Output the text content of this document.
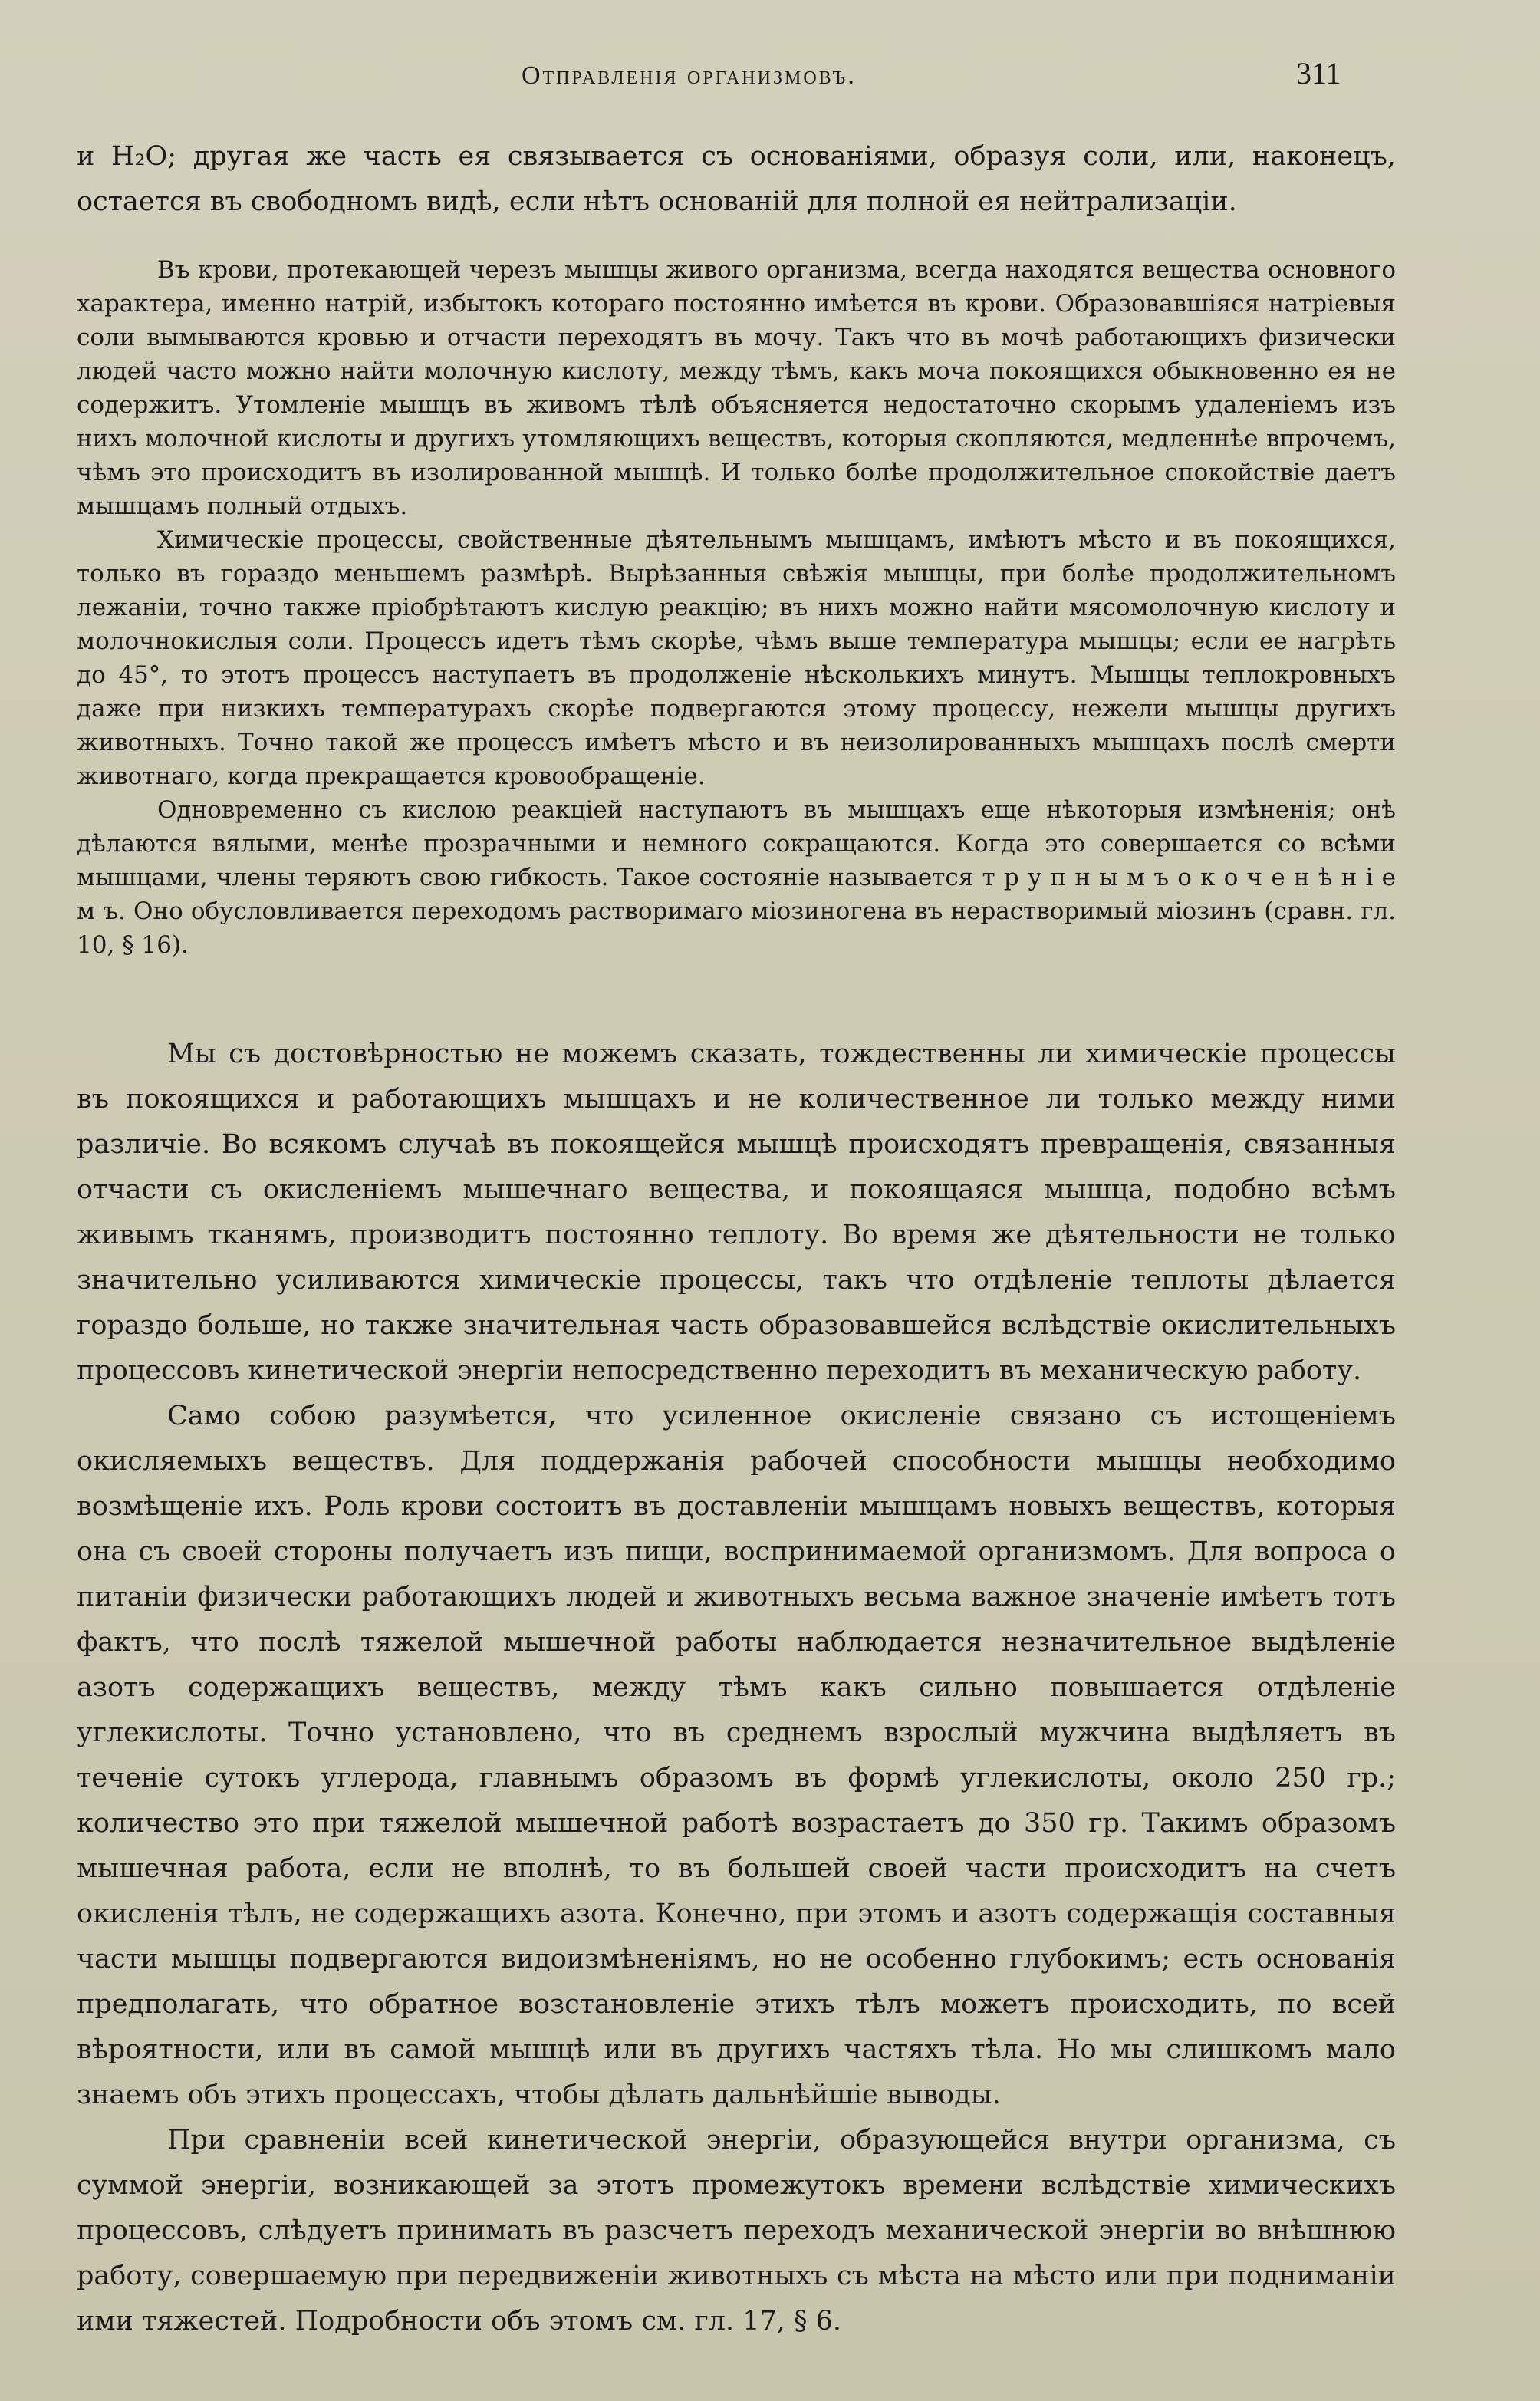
Отправленія организмовъ.	311

и H₂O; другая же часть ея связывается съ основаніями, образуя соли, или, наконецъ, остается въ свободномъ видѣ, если нѣтъ основаній для полной ея нейтрализаціи.

Въ крови, протекающей черезъ мышцы живого организма, всегда находятся вещества основного характера, именно натрій, избытокъ котораго постоянно имѣется въ крови. Образовавшіяся натріевыя соли вымываются кровью и отчасти переходятъ въ мочу. Такъ что въ мочѣ работающихъ физически людей часто можно найти молочную кислоту, между тѣмъ, какъ моча покоящихся обыкновенно ея не содержитъ. Утомленіе мышцъ въ живомъ тѣлѣ объясняется недостаточно скорымъ удаленіемъ изъ нихъ молочной кислоты и другихъ утомляющихъ веществъ, которыя скопляются, медленнѣе впрочемъ, чѣмъ это происходитъ въ изолированной мышцѣ. И только болѣе продолжительное спокойствіе даетъ мышцамъ полный отдыхъ.

Химическіе процессы, свойственные дѣятельнымъ мышцамъ, имѣютъ мѣсто и въ покоящихся, только въ гораздо меньшемъ размѣрѣ. Вырѣзанныя свѣжія мышцы, при болѣе продолжительномъ лежаніи, точно также пріобрѣтаютъ кислую реакцію; въ нихъ можно найти мясомолочную кислоту и молочнокислыя соли. Процессъ идетъ тѣмъ скорѣе, чѣмъ выше температура мышцы; если ее нагрѣть до 45°, то этотъ процессъ наступаетъ въ продолженіе нѣсколькихъ минутъ. Мышцы теплокровныхъ даже при низкихъ температурахъ скорѣе подвергаются этому процессу, нежели мышцы другихъ животныхъ. Точно такой же процессъ имѣетъ мѣсто и въ неизолированныхъ мышцахъ послѣ смерти животнаго, когда прекращается кровообращеніе.

Одновременно съ кислою реакціей наступаютъ въ мышцахъ еще нѣкоторыя измѣненія; онѣ дѣлаются вялыми, менѣе прозрачными и немного сокращаются. Когда это совершается со всѣми мышцами, члены теряютъ свою гибкость. Такое состояніе называется т р у п н ы м ъ о к о ч е н ѣ н і е м ъ. Оно обусловливается переходомъ растворимаго міозиногена въ нерастворимый міозинъ (сравн. гл. 10, § 16).

Мы съ достовѣрностью не можемъ сказать, тождественны ли химическіе процессы въ покоящихся и работающихъ мышцахъ и не количественное ли только между ними различіе. Во всякомъ случаѣ въ покоящейся мышцѣ происходятъ превращенія, связанныя отчасти съ окисленіемъ мышечнаго вещества, и покоящаяся мышца, подобно всѣмъ живымъ тканямъ, производитъ постоянно теплоту. Во время же дѣятельности не только значительно усиливаются химическіе процессы, такъ что отдѣленіе теплоты дѣлается гораздо больше, но также значительная часть образовавшейся вслѣдствіе окислительныхъ процессовъ кинетической энергіи непосредственно переходитъ въ механическую работу.

Само собою разумѣется, что усиленное окисленіе связано съ истощеніемъ окисляемыхъ веществъ. Для поддержанія рабочей способности мышцы необходимо возмѣщеніе ихъ. Роль крови состоитъ въ доставленіи мышцамъ новыхъ веществъ, которыя она съ своей стороны получаетъ изъ пищи, воспринимаемой организмомъ. Для вопроса о питаніи физически работающихъ людей и животныхъ весьма важное значеніе имѣетъ тотъ фактъ, что послѣ тяжелой мышечной работы наблюдается незначительное выдѣленіе азотъ содержащихъ веществъ, между тѣмъ какъ сильно повышается отдѣленіе углекислоты. Точно установлено, что въ среднемъ взрослый мужчина выдѣляетъ въ теченіе сутокъ углерода, главнымъ образомъ въ формѣ углекислоты, около 250 гр.; количество это при тяжелой мышечной работѣ возрастаетъ до 350 гр. Такимъ образомъ мышечная работа, если не вполнѣ, то въ большей своей части происходитъ на счетъ окисленія тѣлъ, не содержащихъ азота. Конечно, при этомъ и азотъ содержащія составныя части мышцы подвергаются видоизмѣненіямъ, но не особенно глубокимъ; есть основанія предполагать, что обратное возстановленіе этихъ тѣлъ можетъ происходить, по всей вѣроятности, или въ самой мышцѣ или въ другихъ частяхъ тѣла. Но мы слишкомъ мало знаемъ объ этихъ процессахъ, чтобы дѣлать дальнѣйшіе выводы.

При сравненіи всей кинетической энергіи, образующейся внутри организма, съ суммой энергіи, возникающей за этотъ промежутокъ времени вслѣдствіе химическихъ процессовъ, слѣдуетъ принимать въ разсчетъ переходъ механической энергіи во внѣшнюю работу, совершаемую при передвиженіи животныхъ съ мѣста на мѣсто или при подниманіи ими тяжестей. Подробности объ этомъ см. гл. 17, § 6.
